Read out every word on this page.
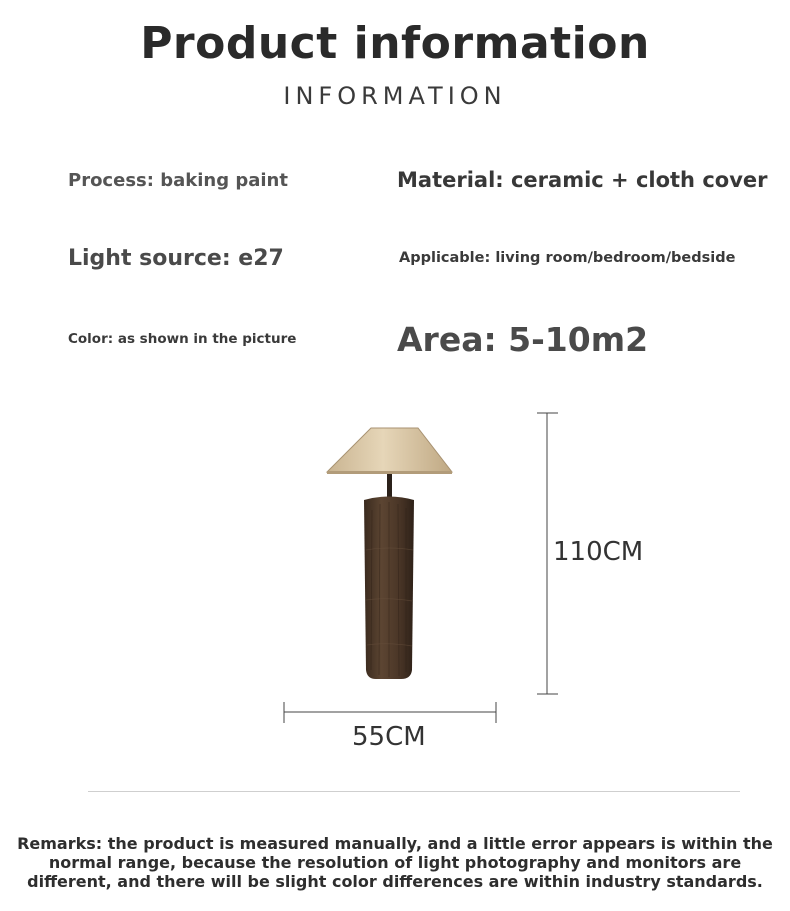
Product information
INFORMATION
Process: baking paint	Material: ceramic + cloth cover
Light source: e27	Applicable: living room/bedroom/bedside
Color: as shown in the picture	Area: 5-10m2
110CM
55CM

Remarks: the product is measured manually, and a little error appears is within the normal range, because the resolution of light photography and monitors are different, and there will be slight color differences are within industry standards.
